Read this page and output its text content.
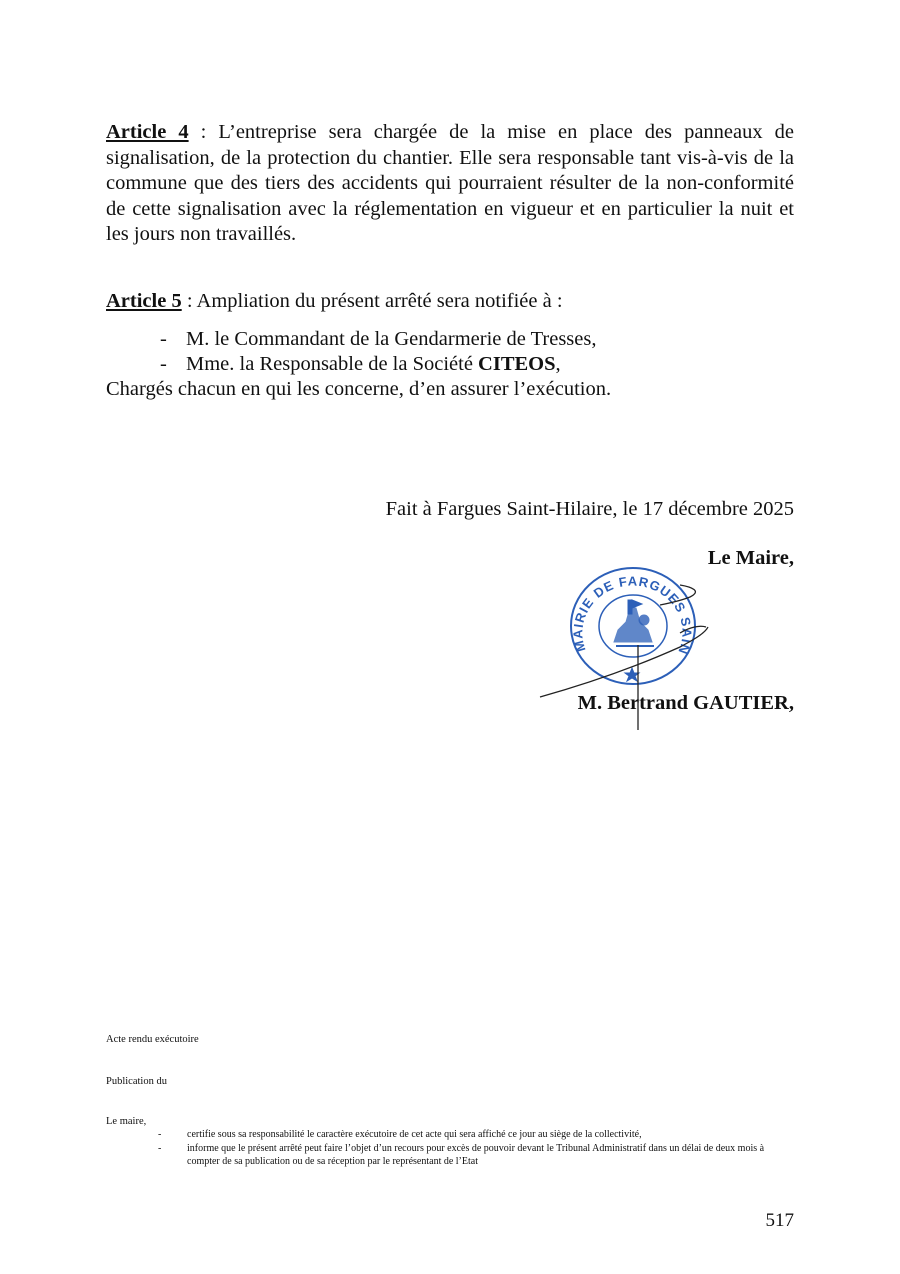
Article 4 : L’entreprise sera chargée de la mise en place des panneaux de signalisation, de la protection du chantier. Elle sera responsable tant vis-à-vis de la commune que des tiers des accidents qui pourraient résulter de la non-conformité de cette signalisation avec la réglementation en vigueur et en particulier la nuit et les jours non travaillés.
Article 5 : Ampliation du présent arrêté sera notifiée à :
- M. le Commandant de la Gendarmerie de Tresses,
- Mme. la Responsable de la Société CITEOS,
Chargés chacun en qui les concerne, d’en assurer l’exécution.
Fait à Fargues Saint-Hilaire, le 17 décembre 2025
Le Maire,
MAIRIE DE FARGUES SAIN
M. Bertrand GAUTIER,
Acte rendu exécutoire
Publication du
Le maire,
-	certifie sous sa responsabilité le caractère exécutoire de cet acte qui sera affiché ce jour au siège de la collectivité,
-	informe que le présent arrêté peut faire l’objet d’un recours pour excès de pouvoir devant le Tribunal Administratif dans un délai de deux mois à compter de sa publication ou de sa réception par le représentant de l’Etat
517
